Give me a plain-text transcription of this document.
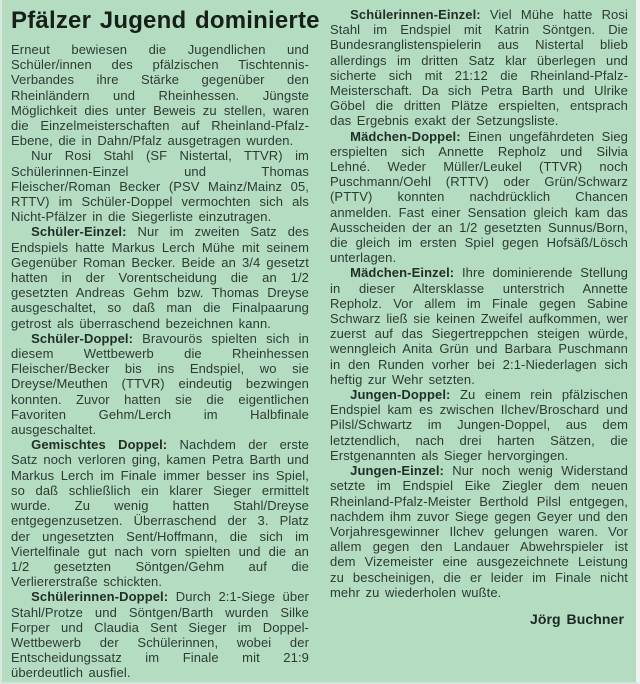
Pfälzer Jugend dominierte

Erneut bewiesen die Jugendlichen und Schüler/innen des pfälzischen Tischtennis-Verbandes ihre Stärke gegenüber den Rheinländern und Rheinhessen. Jüngste Möglichkeit dies unter Beweis zu stellen, waren die Einzelmeisterschaften auf Rheinland-Pfalz-Ebene, die in Dahn/Pfalz ausgetragen wurden.

Nur Rosi Stahl (SF Nistertal, TTVR) im Schülerinnen-Einzel und Thomas Fleischer/Roman Becker (PSV Mainz/Mainz 05, RTTV) im Schüler-Doppel vermochten sich als Nicht-Pfälzer in die Siegerliste einzutragen.

Schüler-Einzel: Nur im zweiten Satz des Endspiels hatte Markus Lerch Mühe mit seinem Gegenüber Roman Becker. Beide an 3/4 gesetzt hatten in der Vorentscheidung die an 1/2 gesetzten Andreas Gehm bzw. Thomas Dreyse ausgeschaltet, so daß man die Finalpaarung getrost als überraschend bezeichnen kann.

Schüler-Doppel: Bravourös spielten sich in diesem Wettbewerb die Rheinhessen Fleischer/Becker bis ins Endspiel, wo sie Dreyse/Meuthen (TTVR) eindeutig bezwingen konnten. Zuvor hatten sie die eigentlichen Favoriten Gehm/Lerch im Halbfinale ausgeschaltet.

Gemischtes Doppel: Nachdem der erste Satz noch verloren ging, kamen Petra Barth und Markus Lerch im Finale immer besser ins Spiel, so daß schließlich ein klarer Sieger ermittelt wurde. Zu wenig hatten Stahl/Dreyse entgegenzusetzen. Überraschend der 3. Platz der ungesetzten Sent/Hoffmann, die sich im Viertelfinale gut nach vorn spielten und die an 1/2 gesetzten Söntgen/Gehm auf die Verliererstraße schickten.

Schülerinnen-Doppel: Durch 2:1-Siege über Stahl/Protze und Söntgen/Barth wurden Silke Forper und Claudia Sent Sieger im Doppel-Wettbewerb der Schülerinnen, wobei der Entscheidungssatz im Finale mit 21:9 überdeutlich ausfiel.

Schülerinnen-Einzel: Viel Mühe hatte Rosi Stahl im Endspiel mit Katrin Söntgen. Die Bundesranglistenspielerin aus Nistertal blieb allerdings im dritten Satz klar überlegen und sicherte sich mit 21:12 die Rheinland-Pfalz-Meisterschaft. Da sich Petra Barth und Ulrike Göbel die dritten Plätze erspielten, entsprach das Ergebnis exakt der Setzungsliste.

Mädchen-Doppel: Einen ungefährdeten Sieg erspielten sich Annette Repholz und Silvia Lehné. Weder Müller/Leukel (TTVR) noch Puschmann/Oehl (RTTV) oder Grün/Schwarz (PTTV) konnten nachdrücklich Chancen anmelden. Fast einer Sensation gleich kam das Ausscheiden der an 1/2 gesetzten Sunnus/Born, die gleich im ersten Spiel gegen Hofsäß/Lösch unterlagen.

Mädchen-Einzel: Ihre dominierende Stellung in dieser Altersklasse unterstrich Annette Repholz. Vor allem im Finale gegen Sabine Schwarz ließ sie keinen Zweifel aufkommen, wer zuerst auf das Siegertreppchen steigen würde, wenngleich Anita Grün und Barbara Puschmann in den Runden vorher bei 2:1-Niederlagen sich heftig zur Wehr setzten.

Jungen-Doppel: Zu einem rein pfälzischen Endspiel kam es zwischen Ilchev/Broschard und Pilsl/Schwartz im Jungen-Doppel, aus dem letztendlich, nach drei harten Sätzen, die Erstgenannten als Sieger hervorgingen.

Jungen-Einzel: Nur noch wenig Widerstand setzte im Endspiel Eike Ziegler dem neuen Rheinland-Pfalz-Meister Berthold Pilsl entgegen, nachdem ihm zuvor Siege gegen Geyer und den Vorjahresgewinner Ilchev gelungen waren. Vor allem gegen den Landauer Abwehrspieler ist dem Vizemeister eine ausgezeichnete Leistung zu bescheinigen, die er leider im Finale nicht mehr zu wiederholen wußte.

Jörg Buchner
